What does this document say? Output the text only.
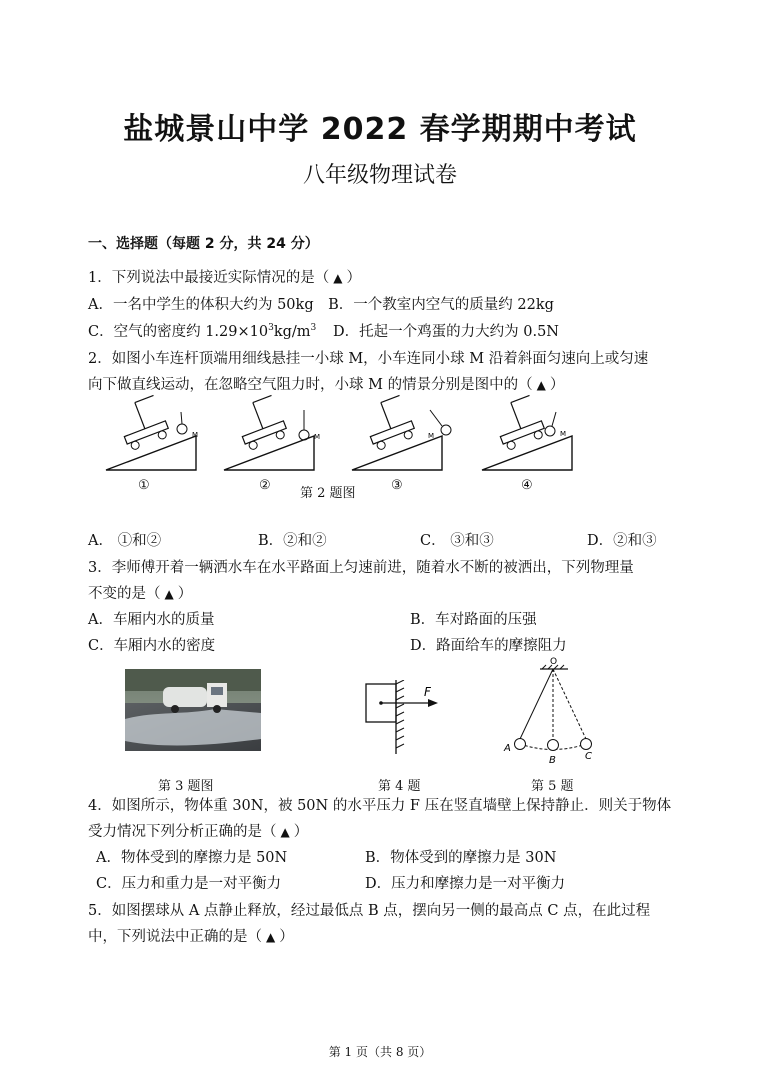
盐城景山中学 2022 春学期期中考试
八年级物理试卷
一、选择题（每题 2 分，共 24 分）
1．下列说法中最接近实际情况的是（ ▲ ）
A．一名中学生的体积大约为 50kg　B．一个教室内空气的质量约 22kg
C．空气的密度约 $1.29\times 10^3kg/m^3$ D．托起一个鸡蛋的力大约为 0.5N
2．如图小车连杆顶端用细线悬挂一小球 M，小车连同小球 M 沿着斜面匀速向上或匀速
向下做直线运动，在忽略空气阻力时，小球 M 的情景分别是图中的（ ▲ ）
M	M	M	M
①	②
第 2 题图
③	④
A． ①和②	B．②和②	C． ③和③	D．②和③
3．李师傅开着一辆洒水车在水平路面上匀速前进，随着水不断的被洒出，下列物理量
不变的是（ ▲ ）
A．车厢内水的质量	B．车对路面的压强
C．车厢内水的密度	D．路面给车的摩擦阻力
F
O
A
B	C
第 3 题图	第 4 题	第 5 题
4．如图所示，物体重 30N，被 50N 的水平压力 F 压在竖直墙壁上保持静止．则关于物体
受力情况下列分析正确的是（ ▲ ）
A．物体受到的摩擦力是 50N	B．物体受到的摩擦力是 30N
C．压力和重力是一对平衡力	D．压力和摩擦力是一对平衡力
5．如图摆球从 A 点静止释放，经过最低点 B 点，摆向另一侧的最高点 C 点，在此过程
中，下列说法中正确的是（ ▲ ）
第 1 页（共 8 页）
